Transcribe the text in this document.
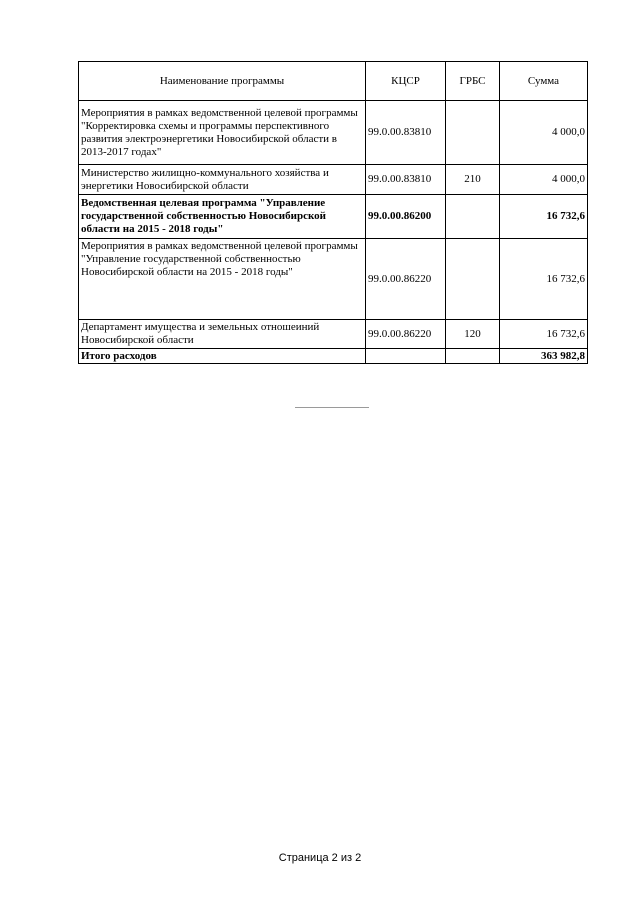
Наименование программы	КЦСР	ГРБС	Сумма
Мероприятия в рамках ведомственной целевой программы "Корректировка схемы и программы перспективного развития электроэнергетики Новосибирской области в 2013-2017 годах"	99.0.00.83810		4 000,0
Министерство жилищно-коммунального хозяйства и энергетики Новосибирской области	99.0.00.83810	210	4 000,0
Ведомственная целевая программа "Управление государственной собственностью Новосибирской области на 2015 - 2018 годы"	99.0.00.86200		16 732,6
Мероприятия в рамках ведомственной целевой программы "Управление государственной собственностью Новосибирской области на 2015 - 2018 годы"	99.0.00.86220		16 732,6
Департамент имущества и земельных отношеиний Новосибирской области	99.0.00.86220	120	16 732,6
Итого расходов			363 982,8
Страница 2 из 2
